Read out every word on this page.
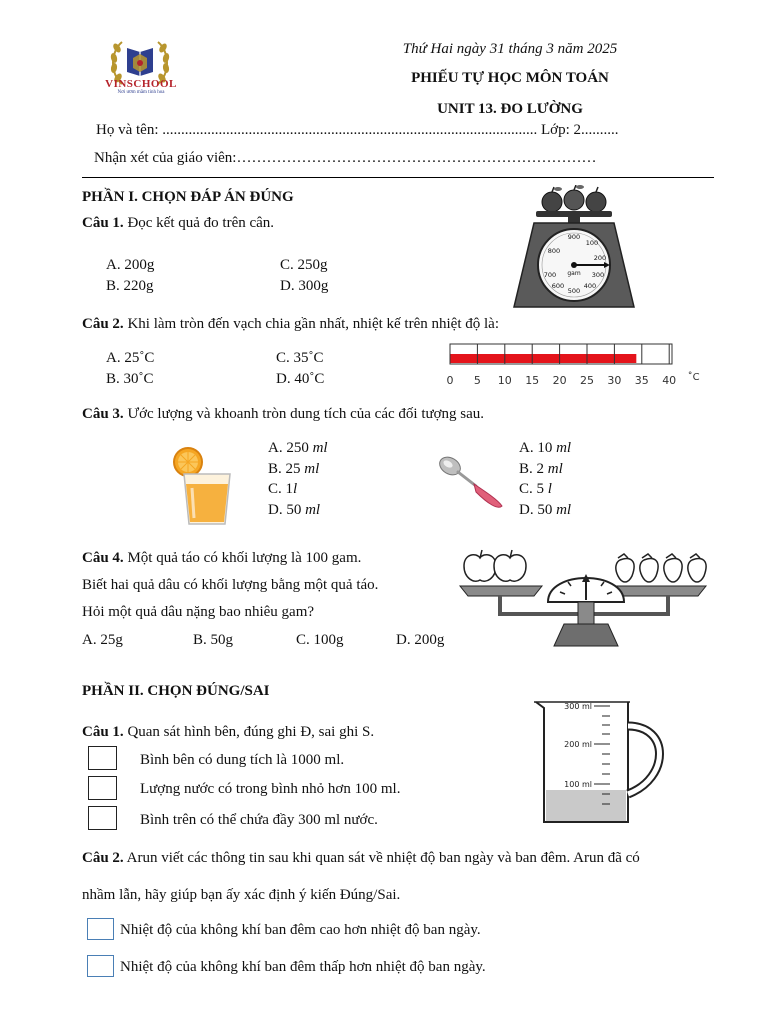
VINSCHOOL
Nơi ươm mầm tinh hoa
Thứ Hai ngày 31 tháng 3 năm 2025
PHIẾU TỰ HỌC MÔN TOÁN
UNIT 13. ĐO LƯỜNG
Họ và tên: .................................................................................................... Lớp: 2..........
Nhận xét của giáo viên:………………………………………………………………
PHẦN I. CHỌN ĐÁP ÁN ĐÚNG
Câu 1. Đọc kết quả đo trên cân.
A. 200g
B. 220g
C. 250g
D. 300g
900
100
200
300
400
500
600
700
800
gam
Câu 2. Khi làm tròn đến vạch chia gần nhất, nhiệt kế trên nhiệt độ là:
A. 25˚C
B. 30˚C
C. 35˚C
D. 40˚C	0 5 10 15 20 25 30 35 40 ˚C
Câu 3. Ước lượng và khoanh tròn dung tích của các đối tượng sau.
A. 250 ml
B. 25 ml
C. 1l
D. 50 ml
A. 10 ml
B. 2 ml
C. 5 l
D. 50 ml
Câu 4. Một quả táo có khối lượng là 100 gam.
Biết hai quả dâu có khối lượng bằng một quả táo.
Hỏi một quả dâu nặng bao nhiêu gam?
A. 25g	B. 50g	C. 100g	D. 200g
PHẦN II. CHỌN ĐÚNG/SAI
Câu 1. Quan sát hình bên, đúng ghi Đ, sai ghi S.
Bình bên có dung tích là 1000 ml.
Lượng nước có trong bình nhỏ hơn 100 ml.
Bình trên có thể chứa đầy 300 ml nước.
300 ml
200 ml
100 ml
Câu 2. Arun viết các thông tin sau khi quan sát về nhiệt độ ban ngày và ban đêm. Arun đã có
nhầm lẫn, hãy giúp bạn ấy xác định ý kiến Đúng/Sai.
Nhiệt độ của không khí ban đêm cao hơn nhiệt độ ban ngày.
Nhiệt độ của không khí ban đêm thấp hơn nhiệt độ ban ngày.
